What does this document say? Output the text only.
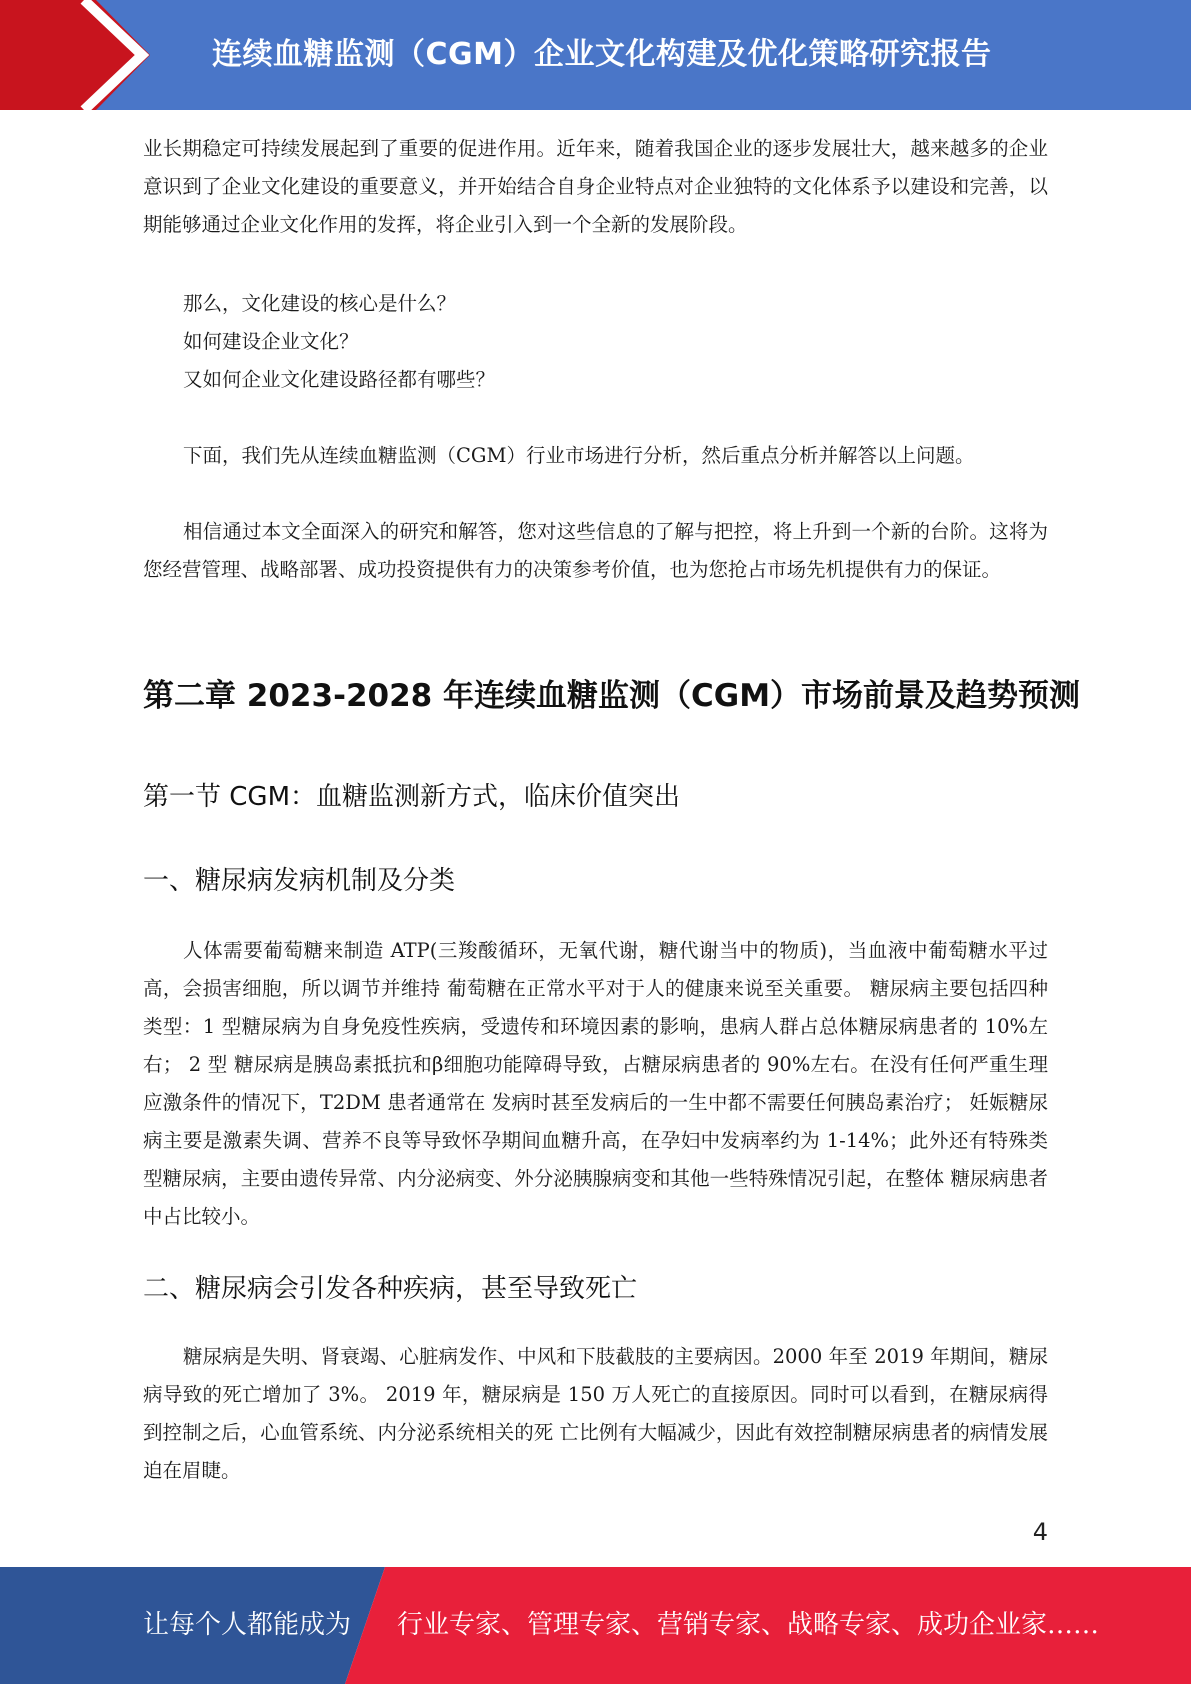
连续血糖监测（CGM）企业文化构建及优化策略研究报告

业长期稳定可持续发展起到了重要的促进作用。近年来，随着我国企业的逐步发展壮大，越来越多的企业意识到了企业文化建设的重要意义，并开始结合自身企业特点对企业独特的文化体系予以建设和完善，以期能够通过企业文化作用的发挥，将企业引入到一个全新的发展阶段。

那么，文化建设的核心是什么？

如何建设企业文化？

又如何企业文化建设路径都有哪些？

下面，我们先从连续血糖监测（CGM）行业市场进行分析，然后重点分析并解答以上问题。

相信通过本文全面深入的研究和解答，您对这些信息的了解与把控，将上升到一个新的台阶。这将为您经营管理、战略部署、成功投资提供有力的决策参考价值，也为您抢占市场先机提供有力的保证。

第二章 2023-2028 年连续血糖监测（CGM）市场前景及趋势预测
第一节 CGM：血糖监测新方式，临床价值突出
一、糖尿病发病机制及分类

人体需要葡萄糖来制造 ATP(三羧酸循环，无氧代谢，糖代谢当中的物质)，当血液中葡萄糖水平过高，会损害细胞，所以调节并维持 葡萄糖在正常水平对于人的健康来说至关重要。 糖尿病主要包括四种类型：1 型糖尿病为自身免疫性疾病，受遗传和环境因素的影响，患病人群占总体糖尿病患者的 10%左右； 2 型 糖尿病是胰岛素抵抗和β细胞功能障碍导致，占糖尿病患者的 90%左右。在没有任何严重生理应激条件的情况下，T2DM 患者通常在 发病时甚至发病后的一生中都不需要任何胰岛素治疗； 妊娠糖尿病主要是激素失调、营养不良等导致怀孕期间血糖升高，在孕妇中发病率约为 1-14%；此外还有特殊类型糖尿病，主要由遗传异常、内分泌病变、外分泌胰腺病变和其他一些特殊情况引起，在整体 糖尿病患者中占比较小。

二、糖尿病会引发各种疾病，甚至导致死亡

糖尿病是失明、肾衰竭、心脏病发作、中风和下肢截肢的主要病因。2000 年至 2019 年期间，糖尿病导致的死亡增加了 3%。 2019 年，糖尿病是 150 万人死亡的直接原因。同时可以看到，在糖尿病得到控制之后，心血管系统、内分泌系统相关的死 亡比例有大幅减少，因此有效控制糖尿病患者的病情发展迫在眉睫。

4
让每个人都能成为 行业专家、管理专家、营销专家、战略专家、成功企业家……
